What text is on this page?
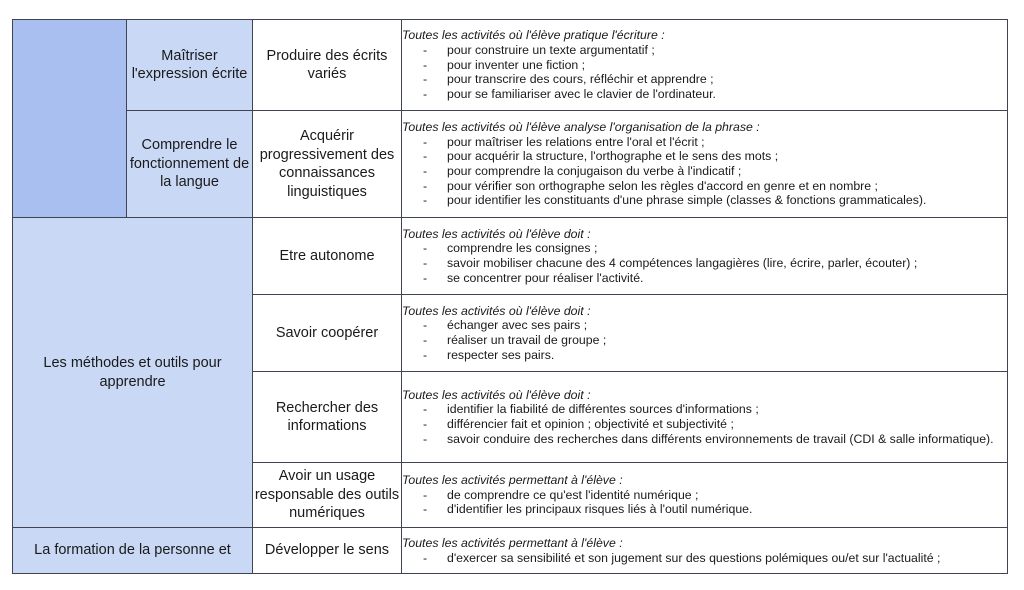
	Maîtriser l'expression écrite	Produire des écrits variés	
Toutes les activités où l'élève pratique l'écriture :
- pour construire un texte argumentatif ;
- pour inventer une fiction ;
- pour transcrire des cours, réfléchir et apprendre ;
- pour se familiariser avec le clavier de l'ordinateur.

Comprendre le fonctionnement de la langue	Acquérir progressivement des connaissances linguistiques	
Toutes les activités où l'élève analyse l'organisation de la phrase :
- pour maîtriser les relations entre l'oral et l'écrit ;
- pour acquérir la structure, l'orthographe et le sens des mots ;
- pour comprendre la conjugaison du verbe à l'indicatif ;
- pour vérifier son orthographe selon les règles d'accord en genre et en nombre ;
- pour identifier les constituants d'une phrase simple (classes & fonctions grammaticales).

Les méthodes et outils pour apprendre	Etre autonome	
Toutes les activités où l'élève doit :
- comprendre les consignes ;
- savoir mobiliser chacune des 4 compétences langagières (lire, écrire, parler, écouter) ;
- se concentrer pour réaliser l'activité.

Savoir coopérer	
Toutes les activités où l'élève doit :
- échanger avec ses pairs ;
- réaliser un travail de groupe ;
- respecter ses pairs.

Rechercher des informations	
Toutes les activités où l'élève doit :
- identifier la fiabilité de différentes sources d'informations ;
- différencier fait et opinion ; objectivité et subjectivité ;
- savoir conduire des recherches dans différents environnements de travail (CDI & salle informatique).

Avoir un usage responsable des outils numériques	
Toutes les activités permettant à l'élève :
- de comprendre ce qu'est l'identité numérique ;
- d'identifier les principaux risques liés à l'outil numérique.

La formation de la personne et	Développer le sens	Toutes les activités permettant à l'élève :
- d'exercer sa sensibilité et son jugement sur des questions polémiques ou/et sur l'actualité ;
